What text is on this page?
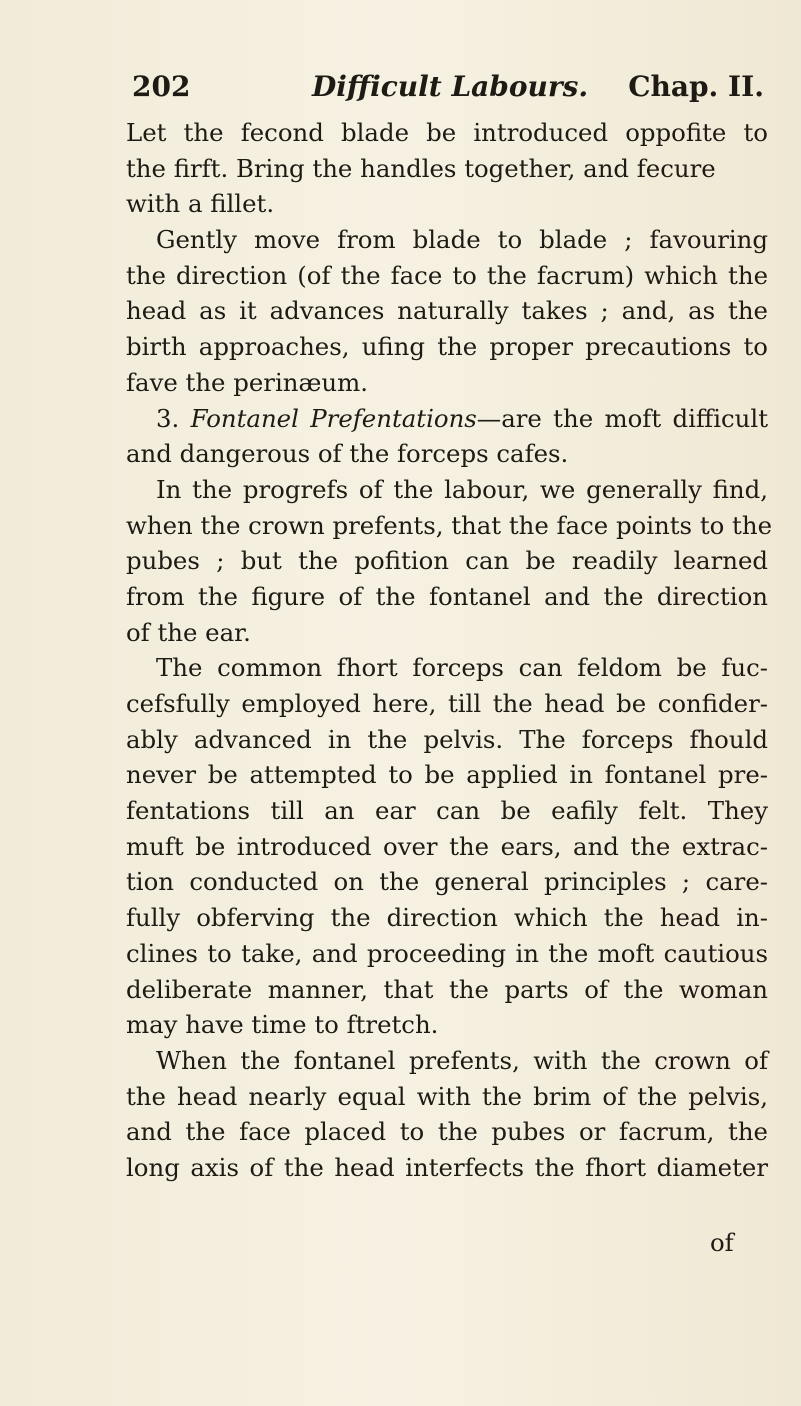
202	Difficult Labours. Chap. II.
Let the fecond blade be introduced oppofite to
the firft. Bring the handles together, and fecure
with a fillet.
Gently move from blade to blade ; favouring
the direction (of the face to the facrum) which the
head as it advances naturally takes ; and, as the
birth approaches, ufing the proper precautions to
fave the perinæum.
3. Fontanel Prefentations—are the moft difficult
and dangerous of the forceps cafes.
In the progrefs of the labour, we generally find,
when the crown prefents, that the face points to the
pubes ; but the pofition can be readily learned
from the figure of the fontanel and the direction
of the ear.
The common fhort forceps can feldom be fuc-
cefsfully employed here, till the head be confider-
ably advanced in the pelvis. The forceps fhould
never be attempted to be applied in fontanel pre-
fentations till an ear can be eafily felt. They
muft be introduced over the ears, and the extrac-
tion conducted on the general principles ; care-
fully obferving the direction which the head in-
clines to take, and proceeding in the moft cautious
deliberate manner, that the parts of the woman
may have time to ftretch.
When the fontanel prefents, with the crown of
the head nearly equal with the brim of the pelvis,
and the face placed to the pubes or facrum, the
long axis of the head interfects the fhort diameter
of
